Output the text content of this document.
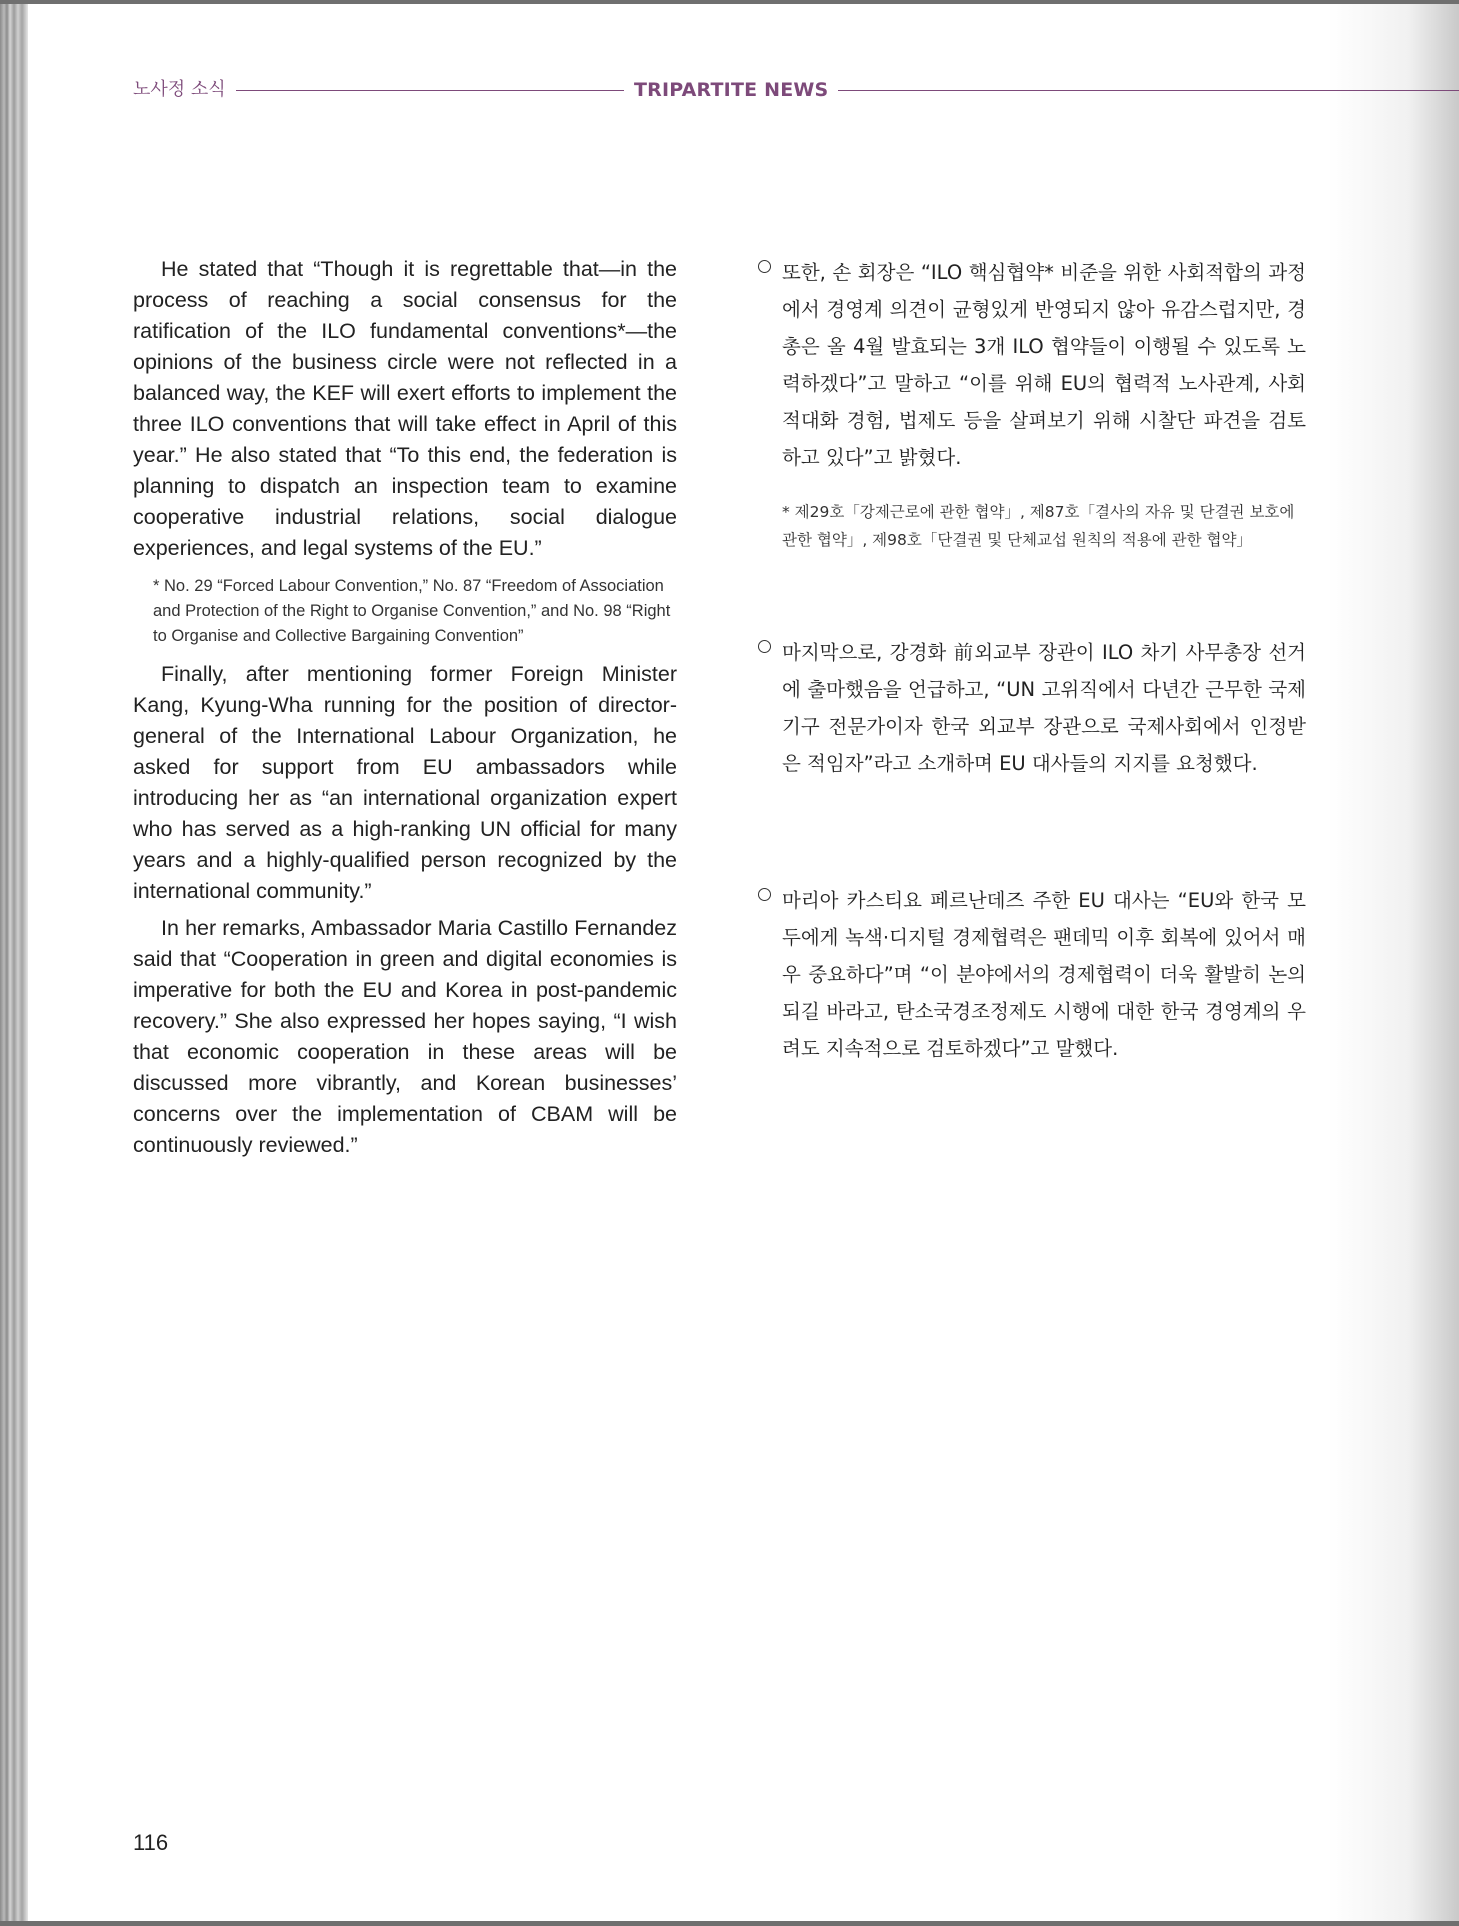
노사정 소식	TRIPARTITE NEWS

He stated that “Though it is regrettable that—in the process of reaching a social consensus for the ratification of the ILO fundamental conventions*—the opinions of the business circle were not reflected in a balanced way, the KEF will exert efforts to implement the three ILO conventions that will take effect in April of this year.” He also stated that “To this end, the federation is planning to dispatch an inspection team to examine cooperative industrial relations, social dialogue experiences, and legal systems of the EU.”

* No. 29 “Forced Labour Convention,” No. 87 “Freedom of Association and Protection of the Right to Organise Convention,” and No. 98 “Right to Organise and Collective Bargaining Convention”

Finally, after mentioning former Foreign Minister Kang, Kyung-Wha running for the position of director-general of the International Labour Organization, he asked for support from EU ambassadors while introducing her as “an international organization expert who has served as a high-ranking UN official for many years and a highly-qualified person recognized by the international community.”

In her remarks, Ambassador Maria Castillo Fernandez said that “Cooperation in green and digital economies is imperative for both the EU and Korea in post-pandemic recovery.” She also expressed her hopes saying, “I wish that economic cooperation in these areas will be discussed more vibrantly, and Korean businesses’ concerns over the implementation of CBAM will be continuously reviewed.”

또한, 손 회장은 “ILO 핵심협약* 비준을 위한 사회적합의 과정에서 경영계 의견이 균형있게 반영되지 않아 유감스럽지만, 경총은 올 4월 발효되는 3개 ILO 협약들이 이행될 수 있도록 노력하겠다”고 말하고 “이를 위해 EU의 협력적 노사관계, 사회적대화 경험, 법제도 등을 살펴보기 위해 시찰단 파견을 검토하고 있다”고 밝혔다.

* 제29호「강제근로에 관한 협약」, 제87호「결사의 자유 및 단결권 보호에 관한 협약」, 제98호「단결권 및 단체교섭 원칙의 적용에 관한 협약」

마지막으로, 강경화 前외교부 장관이 ILO 차기 사무총장 선거에 출마했음을 언급하고, “UN 고위직에서 다년간 근무한 국제기구 전문가이자 한국 외교부 장관으로 국제사회에서 인정받은 적임자”라고 소개하며 EU 대사들의 지지를 요청했다.

마리아 카스티요 페르난데즈 주한 EU 대사는 “EU와 한국 모두에게 녹색·디지털 경제협력은 팬데믹 이후 회복에 있어서 매우 중요하다”며 “이 분야에서의 경제협력이 더욱 활발히 논의되길 바라고, 탄소국경조정제도 시행에 대한 한국 경영계의 우려도 지속적으로 검토하겠다”고 말했다.

116
